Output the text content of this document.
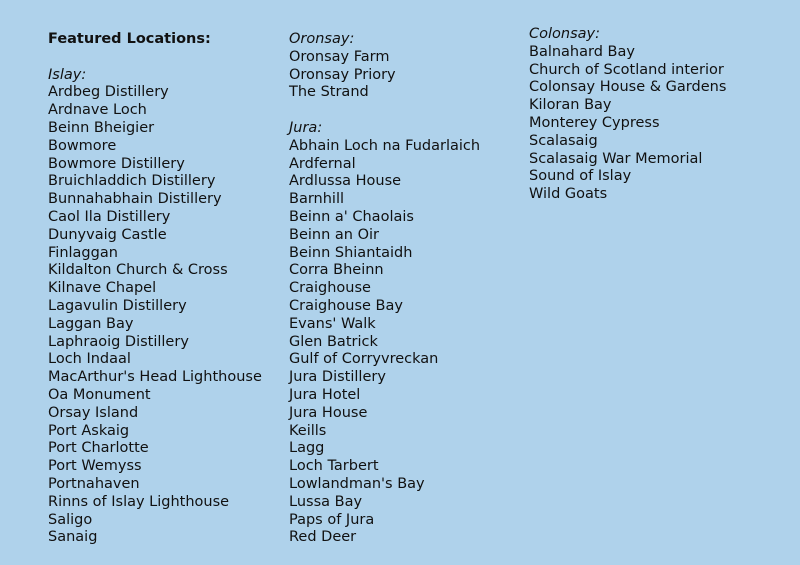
Featured Locations:
Islay:
Ardbeg Distillery
Ardnave Loch
Beinn Bheigier
Bowmore
Bowmore Distillery
Bruichladdich Distillery
Bunnahabhain Distillery
Caol Ila Distillery
Dunyvaig Castle
Finlaggan
Kildalton Church & Cross
Kilnave Chapel
Lagavulin Distillery
Laggan Bay
Laphraoig Distillery
Loch Indaal
MacArthur's Head Lighthouse
Oa Monument
Orsay Island
Port Askaig
Port Charlotte
Port Wemyss
Portnahaven
Rinns of Islay Lighthouse
Saligo
Sanaig
Oronsay:
Oronsay Farm
Oronsay Priory
The Strand
Jura:
Abhain Loch na Fudarlaich
Ardfernal
Ardlussa House
Barnhill
Beinn a' Chaolais
Beinn an Oir
Beinn Shiantaidh
Corra Bheinn
Craighouse
Craighouse Bay
Evans' Walk
Glen Batrick
Gulf of Corryvreckan
Jura Distillery
Jura Hotel
Jura House
Keills
Lagg
Loch Tarbert
Lowlandman's Bay
Lussa Bay
Paps of Jura
Red Deer
Colonsay:
Balnahard Bay
Church of Scotland interior
Colonsay House & Gardens
Kiloran Bay
Monterey Cypress
Scalasaig
Scalasaig War Memorial
Sound of Islay
Wild Goats
